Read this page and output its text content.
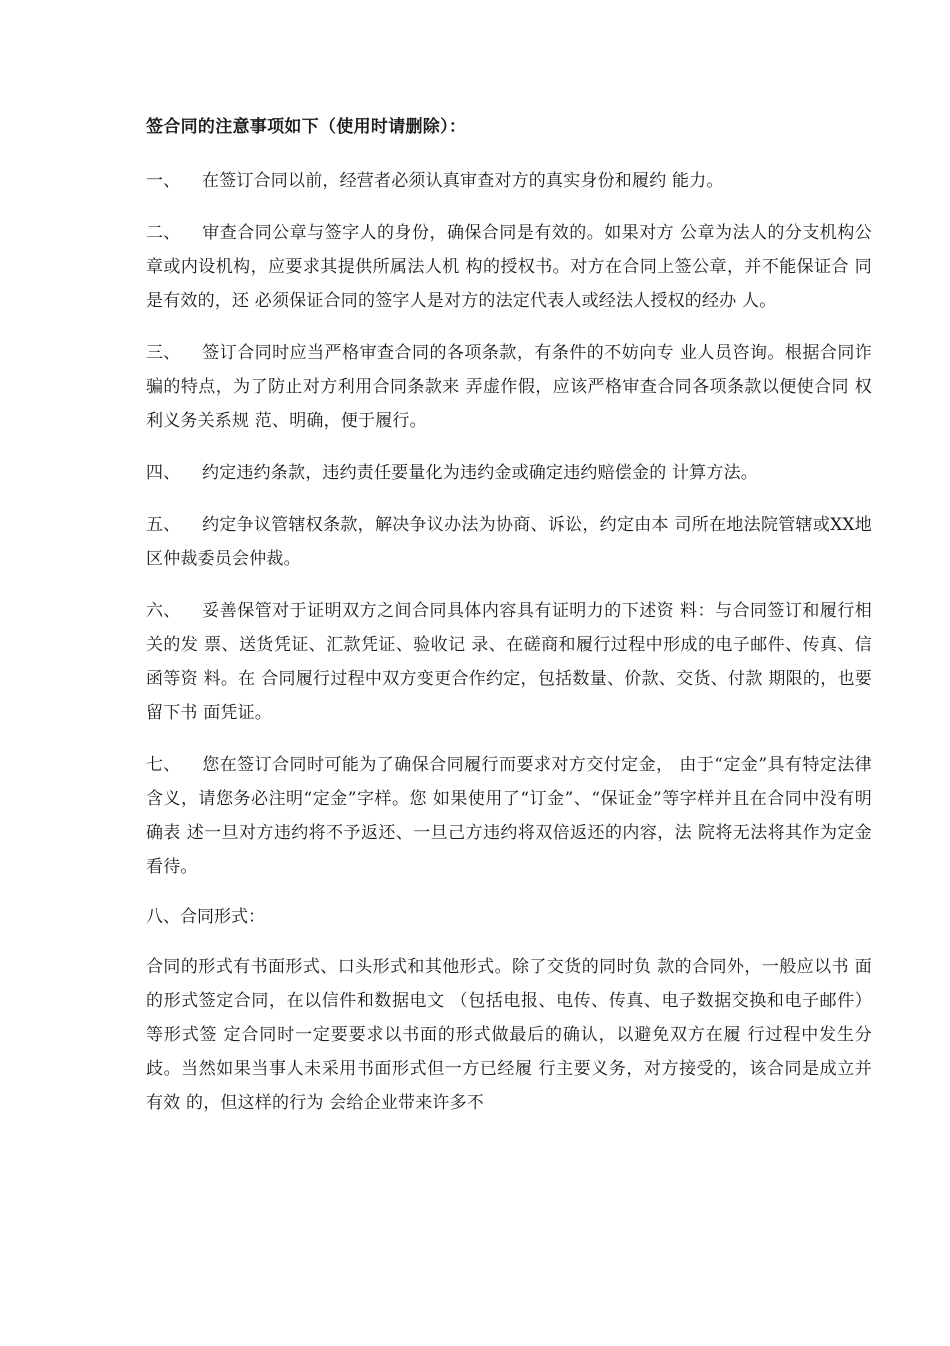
签合同的注意事项如下（使用时请删除）：
一、 在签订合同以前，经营者必须认真审查对方的真实身份和履约 能力。
二、 审查合同公章与签字人的身份，确保合同是有效的。如果对方 公章为法人的分支机构公 章或内设机构，应要求其提供所属法人机 构的授权书。对方在合同上签公章，并不能保证合 同是有效的，还 必须保证合同的签字人是对方的法定代表人或经法人授权的经办 人。
三、 签订合同时应当严格审查合同的各项条款，有条件的不妨向专 业人员咨询。根据合同诈 骗的特点，为了防止对方利用合同条款来 弄虚作假，应该严格审查合同各项条款以便使合同 权利义务关系规 范、明确，便于履行。
四、 约定违约条款，违约责任要量化为违约金或确定违约赔偿金的 计算方法。
五、 约定争议管辖权条款，解决争议办法为协商、诉讼，约定由本 司所在地法院管辖或XX地区仲裁委员会仲裁。
六、 妥善保管对于证明双方之间合同具体内容具有证明力的下述资 料：与合同签订和履行相关的发 票、送货凭证、汇款凭证、验收记 录、在磋商和履行过程中形成的电子邮件、传真、信函等资 料。在 合同履行过程中双方变更合作约定，包括数量、价款、交货、付款 期限的，也要留下书 面凭证。
七、 您在签订合同时可能为了确保合同履行而要求对方交付定金， 由于“定金”具有特定法律含义，请您务必注明“定金”字样。您 如果使用了“订金”、“保证金”等字样并且在合同中没有明 确表 述一旦对方违约将不予返还、一旦己方违约将双倍返还的内容，法 院将无法将其作为定金看待。
八、合同形式：
合同的形式有书面形式、口头形式和其他形式。除了交货的同时负 款的合同外，一般应以书 面的形式签定合同，在以信件和数据电文 （包括电报、电传、传真、电子数据交换和电子邮件）等形式签 定合同时一定要要求以书面的形式做最后的确认，以避免双方在履 行过程中发生分歧。当然如果当事人未采用书面形式但一方已经履 行主要义务，对方接受的，该合同是成立并有效 的，但这样的行为 会给企业带来许多不
